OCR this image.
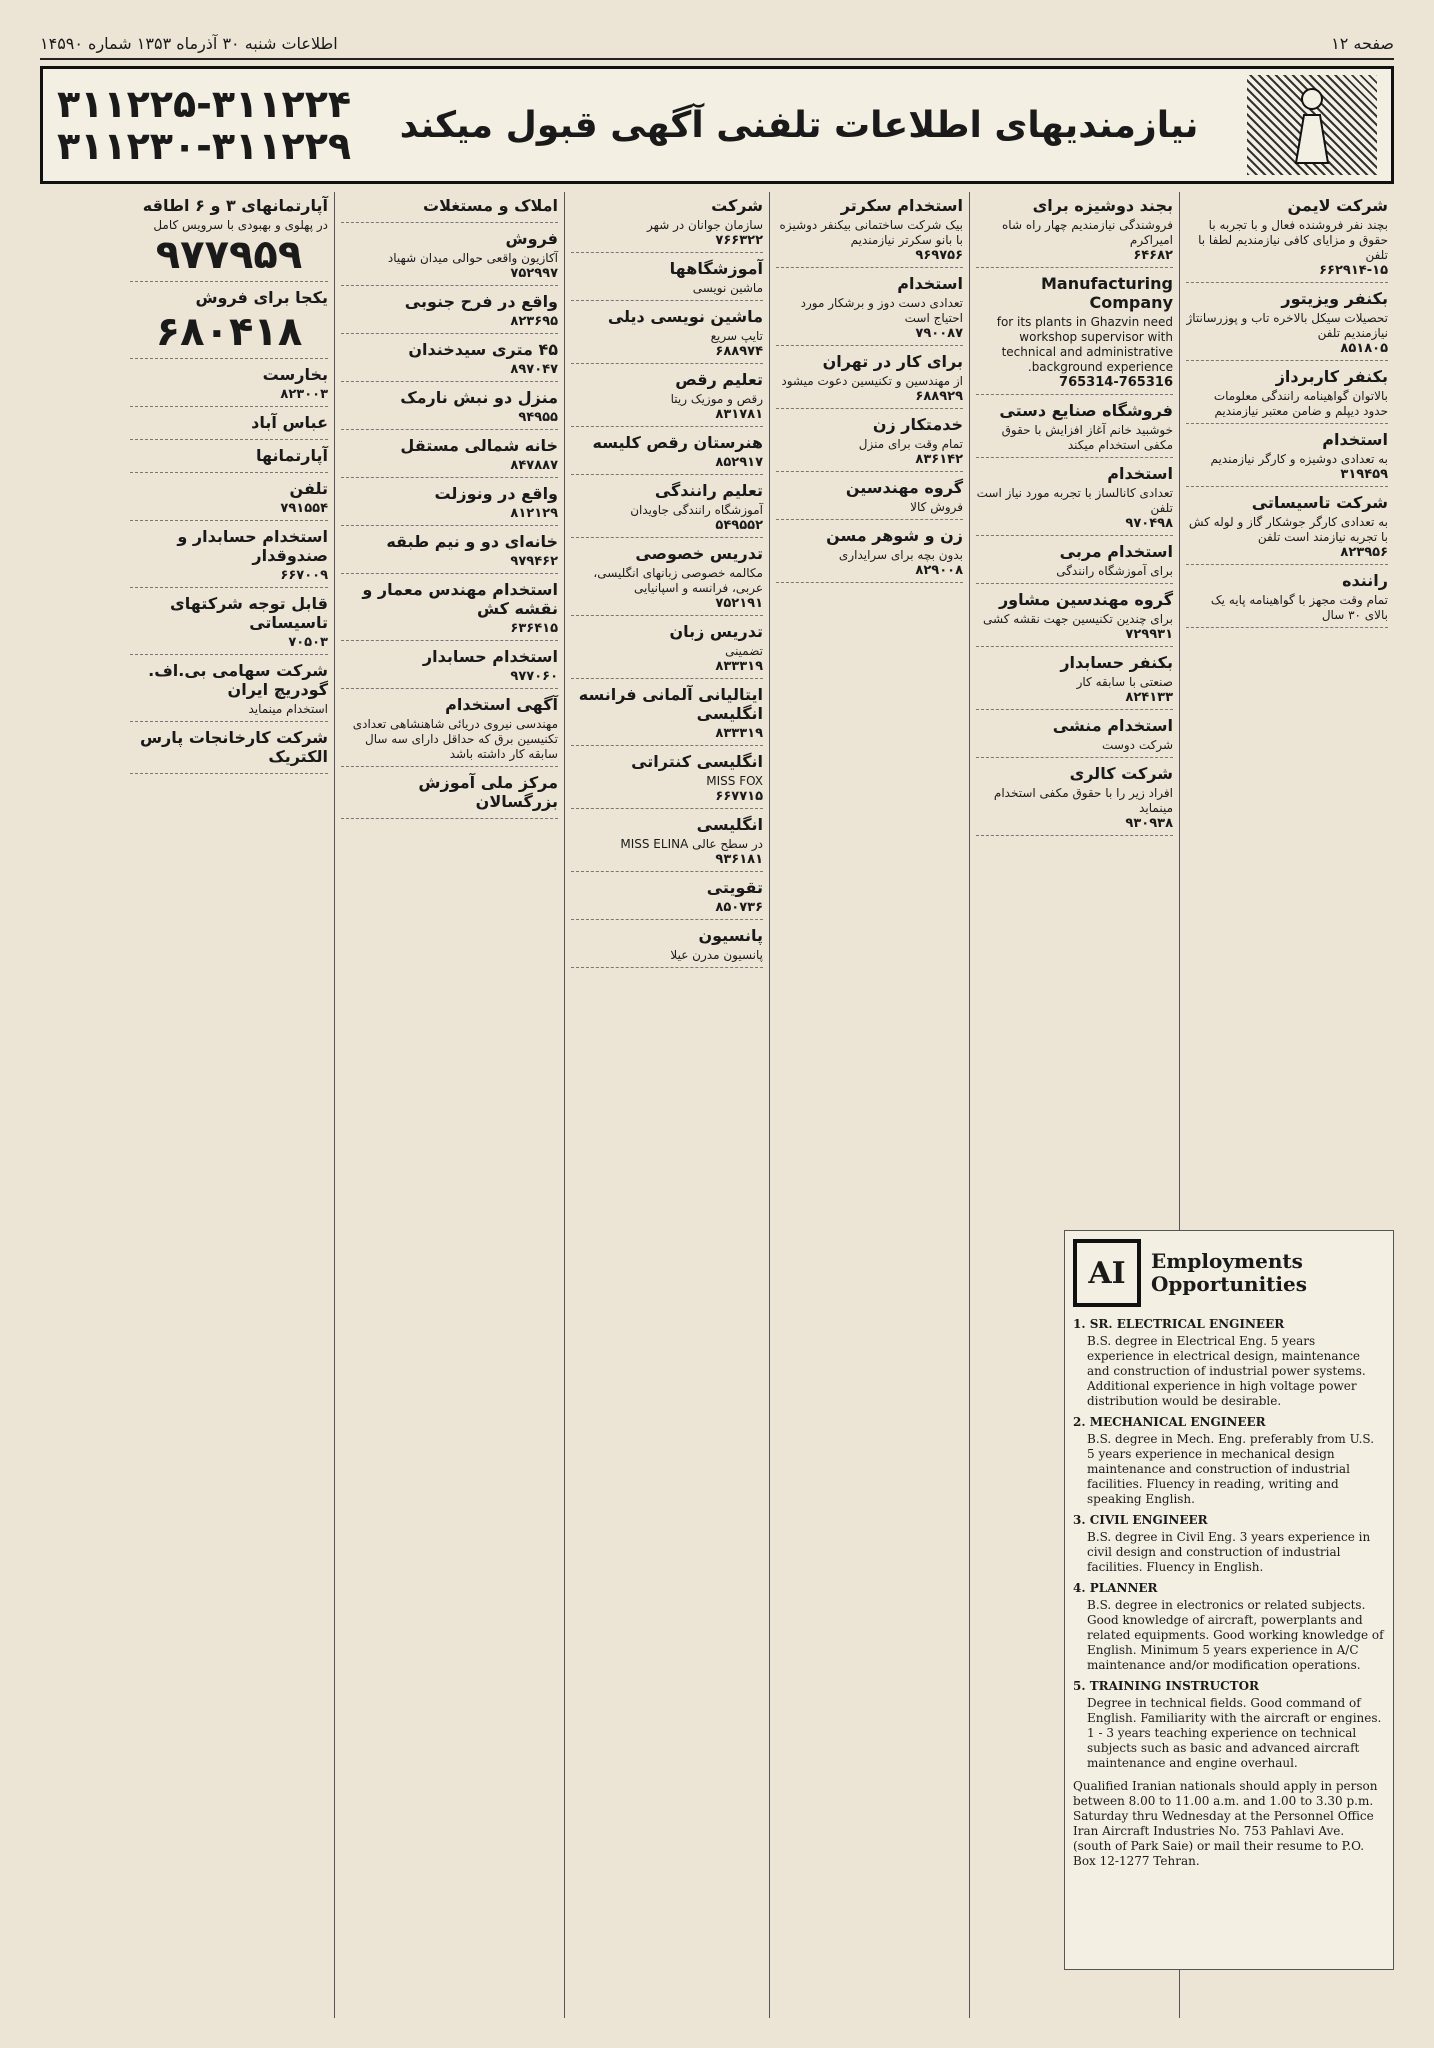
اطلاعات شنبه ۳۰ آذرماه ۱۳۵۳ شماره ۱۴۵۹۰	صفحه ۱۲
۳۱۱۲۲۵-۳۱۱۲۲۴
۳۱۱۲۳۰-۳۱۱۲۲۹ نیازمندیهای اطلاعات تلفنی آگهی قبول میکند
شرکت لایمن
بچند نفر فروشنده فعال و با تجربه با حقوق و مزایای کافی نیازمندیم لطفا با تلفن
۶۶۲۹۱۴-۱۵
بکنفر ویزیتور
تحصیلات سیکل بالاخره تاب و پوزرسانتاژ نیازمندیم تلفن
۸۵۱۸۰۵
بکنفر کاربرداز
بالاتوان گواهینامه رانندگی معلومات حدود دیپلم و ضامن معتبر نیازمندیم
استخدام
به تعدادی دوشیزه و کارگر نیازمندیم
۳۱۹۴۵۹
شرکت تاسیساتی
به تعدادی کارگر جوشکار گاز و لوله کش با تجربه نیازمند است تلفن
۸۲۳۹۵۶
راننده
تمام وقت مجهز با گواهینامه پایه یک بالای ۳۰ سال
بجند دوشیزه برای
فروشندگی نیازمندیم چهار راه شاه امیراکرم
۶۴۶۸۲
Manufacturing Company
for its plants in Ghazvin need workshop supervisor with technical and administrative background experience.
765314-765316
فروشگاه صنایع دستی
خوشبید خانم آغاز افزایش با حقوق مکفی استخدام میکند
استخدام
تعدادی کانالساز با تجربه مورد نیاز است تلفن
۹۷۰۴۹۸
استخدام مربی
برای آموزشگاه رانندگی
گروه مهندسین مشاور
برای چندین تکنیسین جهت نقشه کشی
۷۲۹۹۳۱
بکنفر حسابدار
صنعتی با سابقه کار
۸۲۴۱۳۳
استخدام منشی
شرکت دوست
شرکت کالری
افراد زیر را با حقوق مکفی استخدام مینماید
۹۳۰۹۳۸
استخدام سکرتر
بیک شرکت ساختمانی بیکنفر دوشیزه با بانو سکرتر نیازمندیم
۹۶۹۷۵۶
استخدام
تعدادی دست دوز و برشکار مورد احتیاج است
۷۹۰۰۸۷
برای کار در تهران
از مهندسین و تکنیسین دعوت میشود
۶۸۸۹۲۹
خدمتکار زن
تمام وقت برای منزل
۸۳۶۱۴۲
گروه مهندسین
فروش کالا
زن و شوهر مسن
بدون بچه برای سرایداری
۸۲۹۰۰۸
شرکت
سازمان جوانان در شهر
۷۶۶۳۲۲
آموزشگاهها
ماشین نویسی
ماشین نویسی دیلی
تایپ سریع
۶۸۸۹۷۴
تعلیم رقص
رقص و موزیک ریتا
۸۳۱۷۸۱
هنرستان رقص کلیسه
۸۵۲۹۱۷
تعلیم رانندگی
آموزشگاه رانندگی جاویدان
۵۴۹۵۵۲
تدریس خصوصی
مکالمه خصوصی زبانهای انگلیسی، عربی، فرانسه و اسپانیایی
۷۵۲۱۹۱
تدریس زبان
تضمینی
۸۳۳۳۱۹
ایتالیانی آلمانی فرانسه انگلیسی
۸۳۳۳۱۹
انگلیسی کنتراتی
MISS FOX
۶۶۷۷۱۵
انگلیسی
در سطح عالی MISS ELINA
۹۳۶۱۸۱
تقویتی
۸۵۰۷۳۶
پانسیون
پانسیون مدرن عیلا
املاک و مستغلات
فروش
آکازیون واقعی حوالی میدان شهیاد
۷۵۲۹۹۷
واقع در فرح جنوبی
۸۲۳۶۹۵
۴۵ متری سیدخندان
۸۹۷۰۴۷
منزل دو نبش نارمک
۹۴۹۵۵
خانه شمالی مستقل
۸۴۷۸۸۷
واقع در ونوزلت
۸۱۲۱۲۹
خانه‌ای دو و نیم طبقه
۹۷۹۴۶۲
استخدام مهندس معمار و نقشه کش
۶۳۶۴۱۵
استخدام حسابدار
۹۷۷۰۶۰
آگهی استخدام
مهندسی نیروی دریائی شاهنشاهی تعدادی تکنیسین برق که حداقل دارای سه سال سابقه کار داشته باشد
مرکز ملی آموزش بزرگسالان
آپارتمانهای ۳ و ۶ اطاقه
در پهلوی و بهبودی با سرویس کامل
۹۷۷۹۵۹
یکجا برای فروش
۶۸۰۴۱۸
بخارست
۸۲۳۰۰۳
عباس آباد
آپارتمانها
تلفن
۷۹۱۵۵۴
استخدام حسابدار و صندوقدار
۶۶۷۰۰۹
قابل توجه شرکتهای تاسیساتی
۷۰۵۰۳
شرکت سهامی بی.اف. گودریچ ایران
استخدام مینماید
شرکت کارخانجات پارس الکتریک
AI	Employments
Opportunities
1. SR. ELECTRICAL ENGINEER

B.S. degree in Electrical Eng. 5 years experience in electrical design, maintenance and construction of industrial power systems. Additional experience in high voltage power distribution would be desirable.

2. MECHANICAL ENGINEER

B.S. degree in Mech. Eng. preferably from U.S. 5 years experience in mechanical design maintenance and construction of industrial facilities. Fluency in reading, writing and speaking English.

3. CIVIL ENGINEER

B.S. degree in Civil Eng. 3 years experience in civil design and construction of industrial facilities. Fluency in English.

4. PLANNER

B.S. degree in electronics or related subjects. Good knowledge of aircraft, powerplants and related equipments. Good working knowledge of English. Minimum 5 years experience in A/C maintenance and/or modification operations.

5. TRAINING INSTRUCTOR

Degree in technical fields. Good command of English. Familiarity with the aircraft or engines. 1 - 3 years teaching experience on technical subjects such as basic and advanced aircraft maintenance and engine overhaul.

Qualified Iranian nationals should apply in person between 8.00 to 11.00 a.m. and 1.00 to 3.30 p.m. Saturday thru Wednesday at the Personnel Office Iran Aircraft Industries No. 753 Pahlavi Ave. (south of Park Saie) or mail their resume to P.O. Box 12-1277 Tehran.
